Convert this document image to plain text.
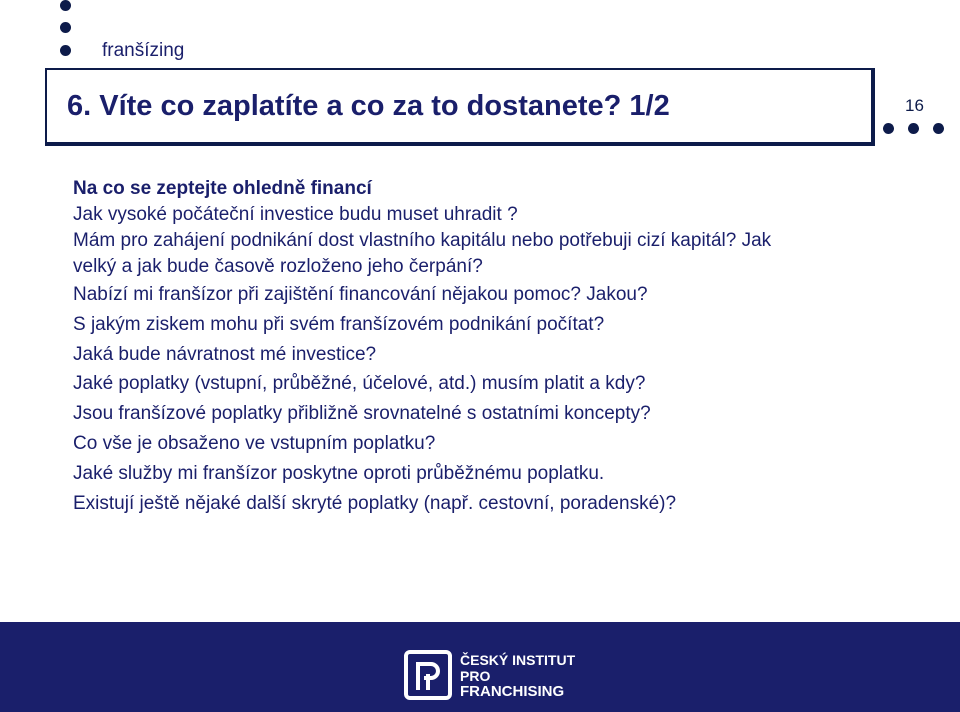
franšízing
6. Víte co zaplatíte a co za to dostanete? 1/2	16
Na co se zeptejte ohledně financí
Jak vysoké počáteční investice budu muset uhradit ?
Mám pro zahájení podnikání dost vlastního kapitálu nebo potřebuji cizí kapitál? Jak
velký a jak bude časově rozloženo jeho čerpání?
Nabízí mi franšízor při zajištění financování nějakou pomoc? Jakou?
S jakým ziskem mohu při svém franšízovém podnikání počítat?
Jaká bude návratnost mé investice?
Jaké poplatky (vstupní, průběžné, účelové, atd.) musím platit a kdy?
Jsou franšízové poplatky přibližně srovnatelné s ostatními koncepty?
Co vše je obsaženo ve vstupním poplatku?
Jaké služby mi franšízor poskytne oproti průběžnému poplatku.
Existují ještě nějaké další skryté poplatky (např. cestovní, poradenské)?
ČESKÝ INSTITUT
PRO
FRANCHISING
